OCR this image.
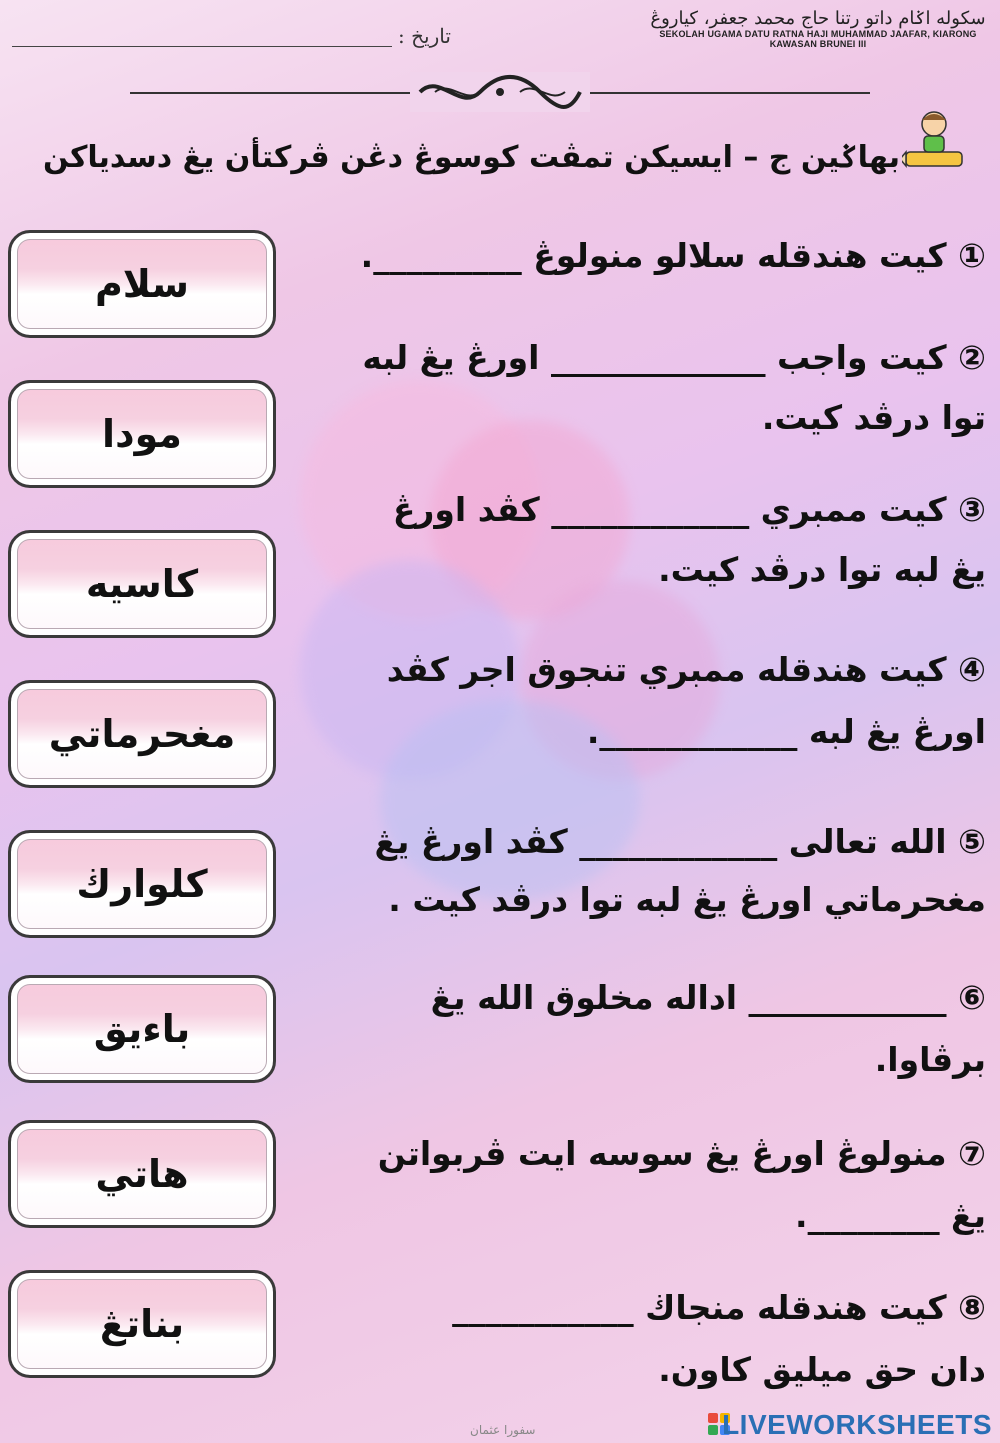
سکوله اݢام داتو رتنا حاج محمد جعفر، کياروڠ
SEKOLAH UGAMA DATU RATNA HAJI MUHAMMAD JAAFAR, KIARONG
KAWASAN BRUNEI III
تاريخ :
بهاݢين ج – ايسيکن تمڤت کوسوڠ دڠن ڤرکتأن يڠ دسدياکن
سلام
مودا
کاسيه
مغحرماتي
کلوارڬ
باءيق
هاتي
بناتڠ
① کيت هندقله سلالو منولوڠ _________.
② کيت واجب _____________ اورڠ يڠ لبه
توا درڤد کيت.
③ کيت ممبري ____________ کڤد اورڠ
يڠ لبه توا درڤد کيت.
④ کيت هندقله ممبري تنجوق اجر کڤد
اورڠ يڠ لبه ____________.
⑤ الله تعالى ____________ کڤد اورڠ يڠ
مغحرماتي اورڠ يڠ لبه توا درڤد کيت .
⑥ ____________ اداله مخلوق الله يڠ
برڤاوا.
⑦ منولوڠ اورڠ يڠ سوسه ايت ڤربواتن
يڠ ________.
⑧ کيت هندقله منجاڬ ___________
دان حق ميليق کاون.
سفورا عثمان	LIVEWORKSHEETS
